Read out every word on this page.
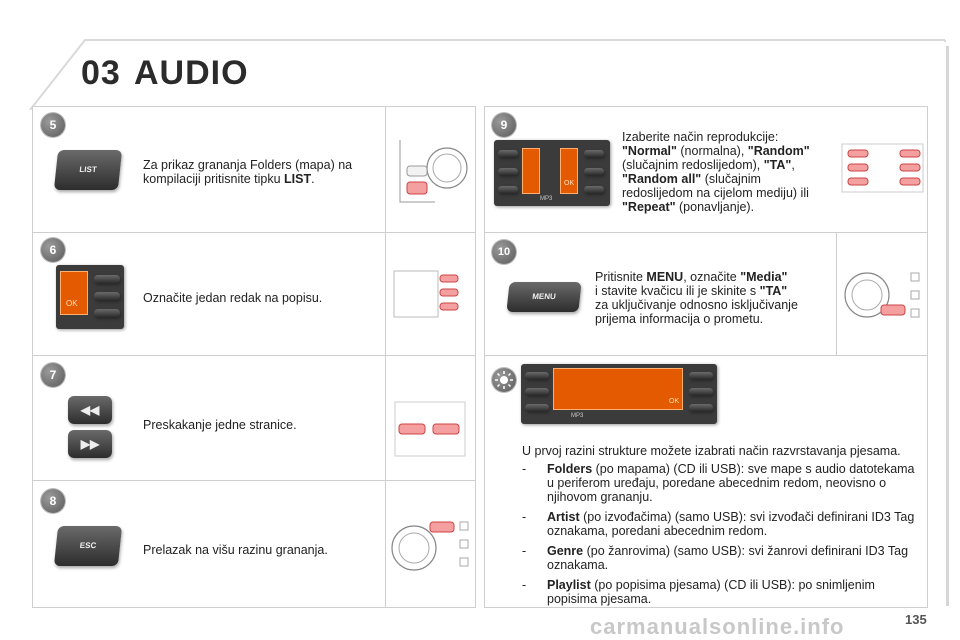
03 AUDIO
5
LIST	Za prikaz grananja Folders (mapa) na kompilaciji pritisnite tipku LIST.
6
OK	Označite jedan redak na popisu.
7
◀◀
▶▶
Preskakanje jedne stranice.
8
ESC	Prelazak na višu razinu grananja.
9
OK
MP3
Izaberite način reprodukcije:
"Normal" (normalna), "Random"
(slučajnim redoslijedom), "TA",
"Random all" (slučajnim
redoslijedom na cijelom mediju) ili
"Repeat" (ponavljanje).
10
MENU
Pritisnite MENU, označite "Media"
i stavite kvačicu ili je skinite s "TA"
za uključivanje odnosno isključivanje
prijema informacija o prometu.
OK
MP3
U prvoj razini strukture možete izabrati način razvrstavanja pjesama.
- Folders (po mapama) (CD ili USB): sve mape s audio datotekama u periferom uređaju, poredane abecednim redom, neovisno o njihovom grananju.
- Artist (po izvođačima) (samo USB): svi izvođači definirani ID3 Tag oznakama, poredani abecednim redom.
- Genre (po žanrovima) (samo USB): svi žanrovi definirani ID3 Tag oznakama.
- Playlist (po popisima pjesama) (CD ili USB): po snimljenim popisima pjesama.
carmanualsonline.info	135
